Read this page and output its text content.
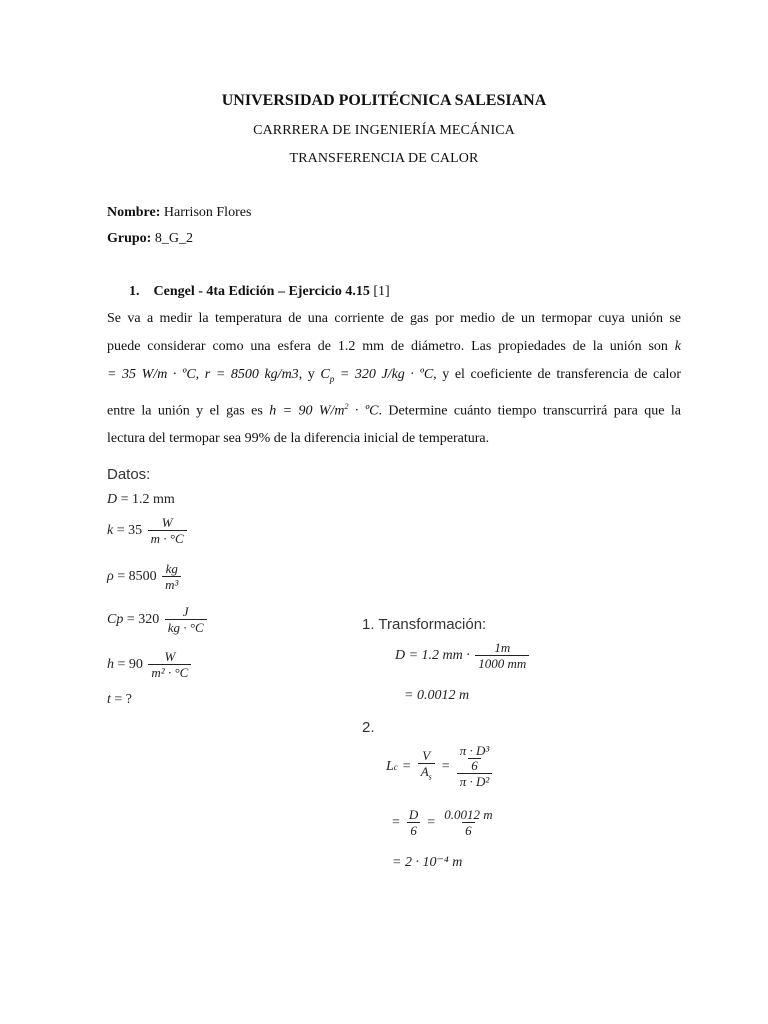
UNIVERSIDAD POLITÉCNICA SALESIANA
CARRRERA DE INGENIERÍA MECÁNICA
TRANSFERENCIA DE CALOR
Nombre: Harrison Flores
Grupo: 8_G_2
1. Cengel - 4ta Edición – Ejercicio 4.15 [1]
Se va a medir la temperatura de una corriente de gas por medio de un termopar cuya unión se
puede considerar como una esfera de 1.2 mm de diámetro. Las propiedades de la unión son k
= 35 W/m · ºC, r = 8500 kg/m3, y $C_p = 320$ J/kg · ºC, y el coeficiente de transferencia de calor
entre la unión y el gas es h = 90 $W/m^2$ · ºC. Determine cuánto tiempo transcurrirá para que la
lectura del termopar sea 99% de la diferencia inicial de temperatura.
Datos:
D = 1.2 mm
$k = 35 \frac{W}{m \cdot ^\circ C}$
$\rho = 8500 \frac{kg}{\text{m³}}$
$Cp = 320 \frac{J}{kg \cdot ^\circ C}$
$h = 90 \frac{W}{\text{m² · °C}}$
t = ?
1. Transformación:
D = 1.2 mm · $\frac{1m}{1000 mm}$
= 0.0012 m
2.
L $c = \frac{V}{A_s} = \pi \cdot D^3$
6
π · D²
= $\frac{D}{6} = \frac{0.0012 m}{6}$
= 2 · 10⁻⁴ m
